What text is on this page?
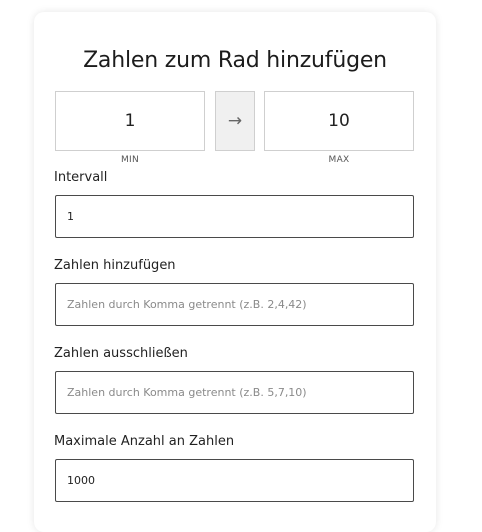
Zahlen zum Rad hinzufügen
1
→
10
MIN	MAX
Intervall
1
Zahlen hinzufügen
Zahlen durch Komma getrennt (z.B. 2,4,42)
Zahlen ausschließen
Zahlen durch Komma getrennt (z.B. 5,7,10)
Maximale Anzahl an Zahlen
1000
